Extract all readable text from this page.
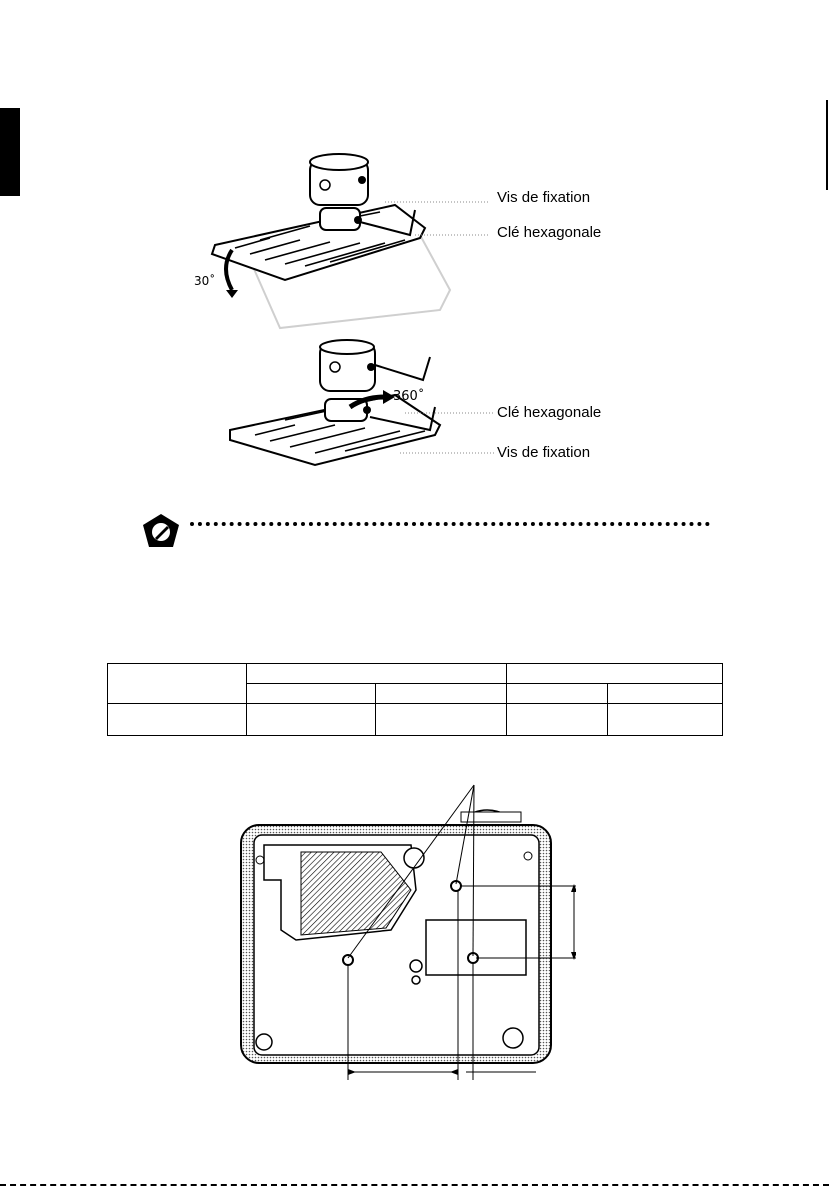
Vis de fixation
Clé hexagonale
30˚
360˚
Clé hexagonale
Vis de fixation
